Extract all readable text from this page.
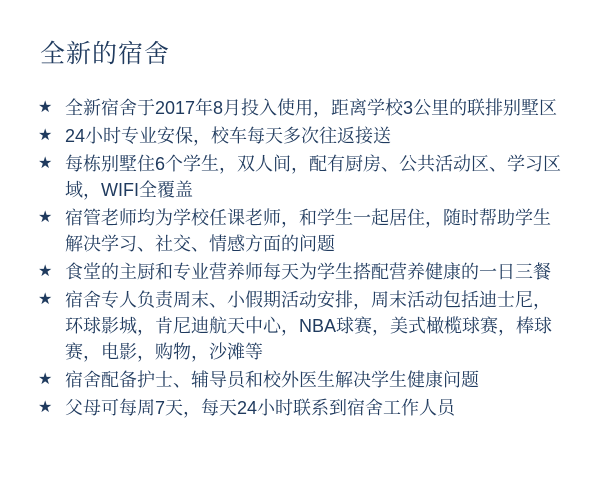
全新的宿舍
★ 全新宿舍于2017年8月投入使用，距离学校3公里的联排别墅区
★ 24小时专业安保，校车每天多次往返接送
★ 每栋别墅住6个学生，双人间，配有厨房、公共活动区、学习区域，WIFI全覆盖
★ 宿管老师均为学校任课老师，和学生一起居住，随时帮助学生解决学习、社交、情感方面的问题
★ 食堂的主厨和专业营养师每天为学生搭配营养健康的一日三餐
★ 宿舍专人负责周末、小假期活动安排，周末活动包括迪士尼，环球影城，肯尼迪航天中心，NBA球赛，美式橄榄球赛，棒球赛，电影，购物，沙滩等
★ 宿舍配备护士、辅导员和校外医生解决学生健康问题
★ 父母可每周7天，每天24小时联系到宿舍工作人员
